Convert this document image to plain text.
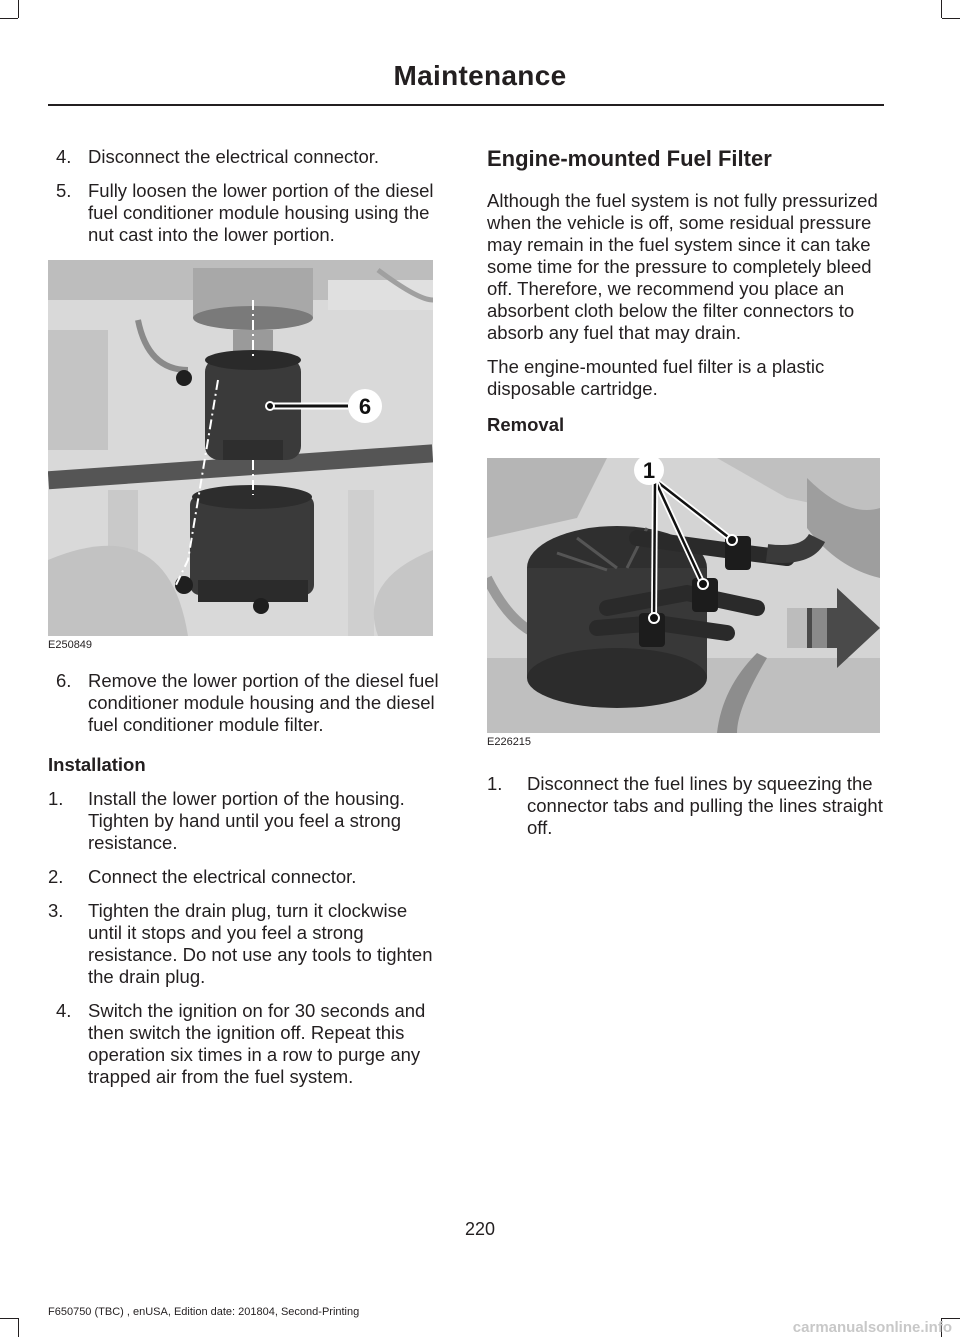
Maintenance
4. Disconnect the electrical connector.
5. Fully loosen the lower portion of the diesel fuel conditioner module housing using the nut cast into the lower portion.
6
E250849
6. Remove the lower portion of the diesel fuel conditioner module housing and the diesel fuel conditioner module filter.
Installation
1. Install the lower portion of the housing. Tighten by hand until you feel a strong resistance.
2. Connect the electrical connector.
3. Tighten the drain plug, turn it clockwise until it stops and you feel a strong resistance. Do not use any tools to tighten the drain plug.
4. Switch the ignition on for 30 seconds and then switch the ignition off. Repeat this operation six times in a row to purge any trapped air from the fuel system.
Engine-mounted Fuel Filter

Although the fuel system is not fully pressurized when the vehicle is off, some residual pressure may remain in the fuel system since it can take some time for the pressure to completely bleed off. Therefore, we recommend you place an absorbent cloth below the filter connectors to absorb any fuel that may drain.

The engine-mounted fuel filter is a plastic disposable cartridge.

Removal
1
E226215
1. Disconnect the fuel lines by squeezing the connector tabs and pulling the lines straight off.
220
F650750 (TBC) , enUSA, Edition date: 201804, Second-Printing
carmanualsonline.info
